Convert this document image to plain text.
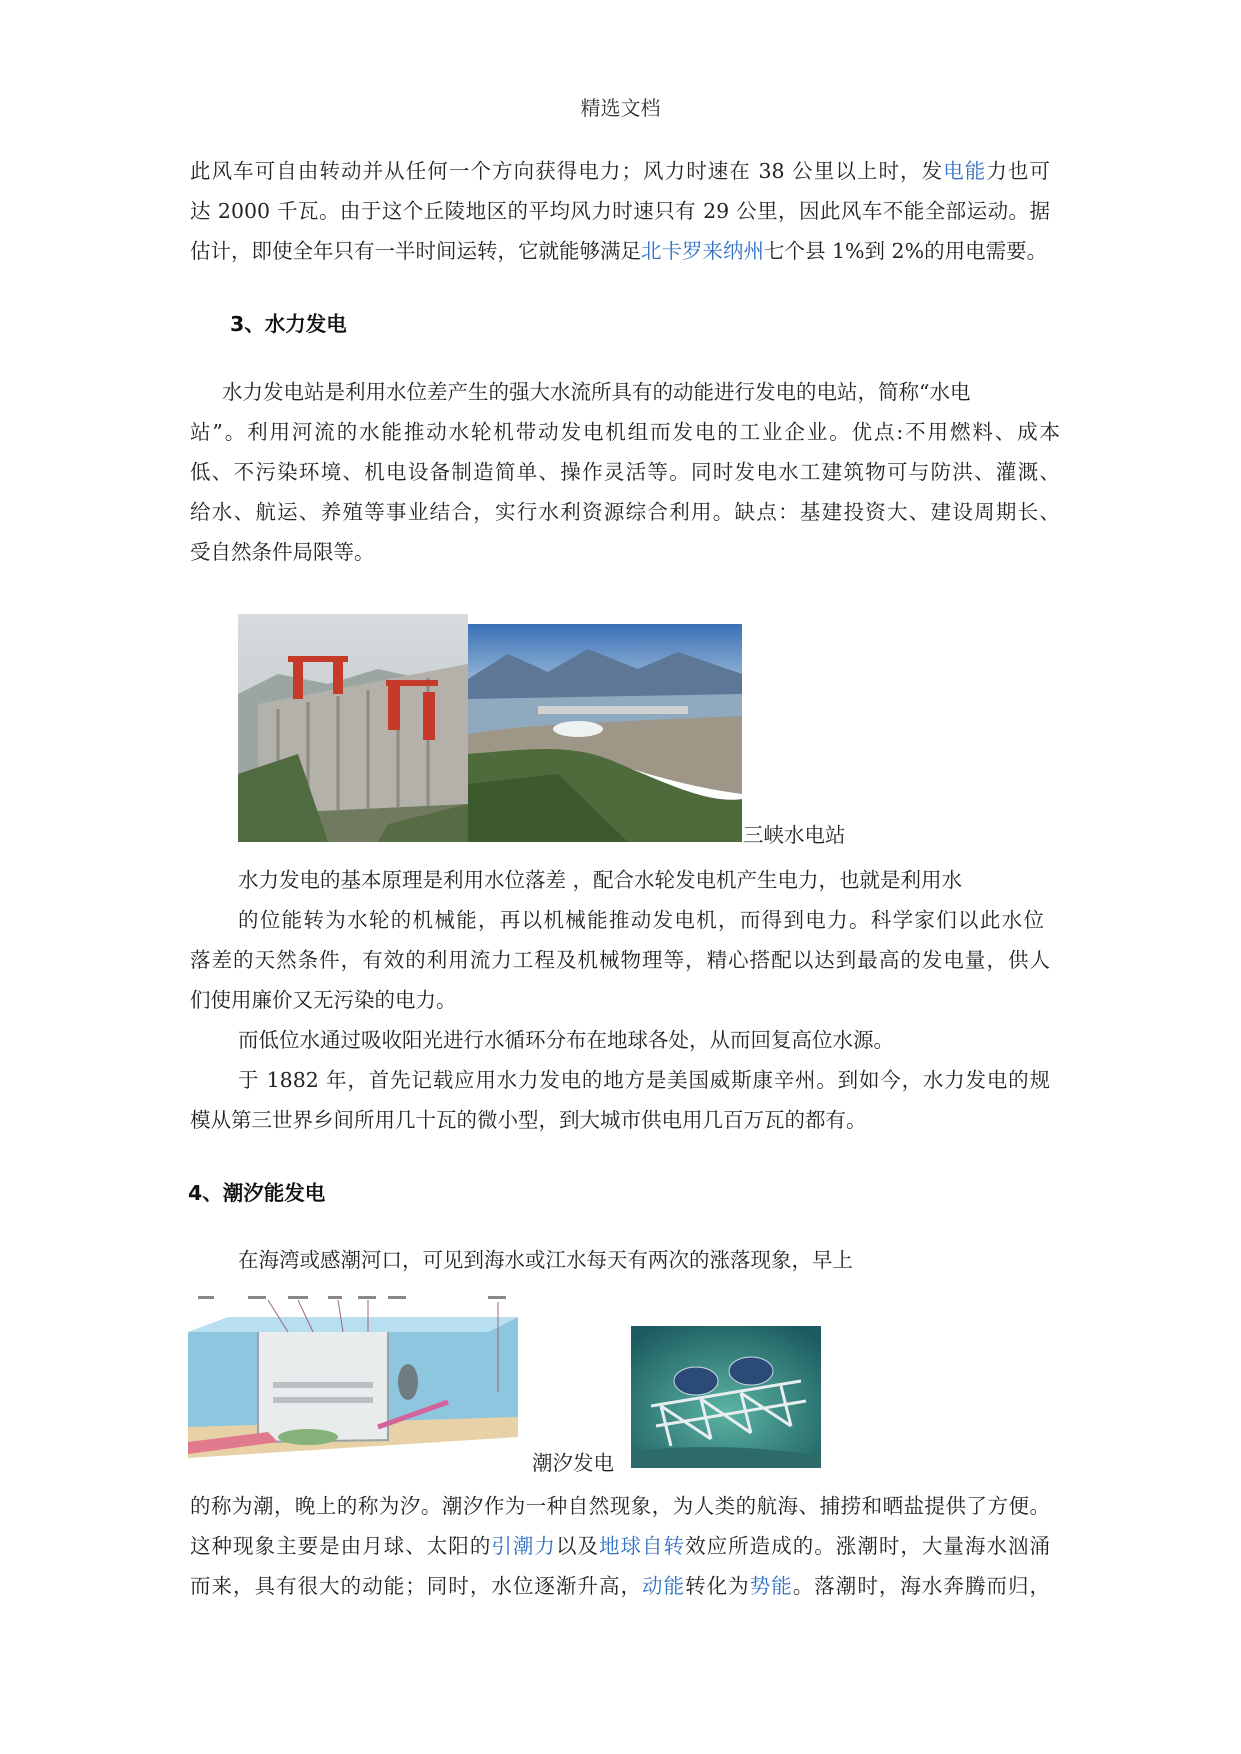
精选文档
此风车可自由转动并从任何一个方向获得电力；风力时速在 38 公里以上时，发电能力也可
达 2000 千瓦。由于这个丘陵地区的平均风力时速只有 29 公里，因此风车不能全部运动。据
估计，即使全年只有一半时间运转，它就能够满足北卡罗来纳州七个县 1%到 2%的用电需要。
3、水力发电
水力发电站是利用水位差产生的强大水流所具有的动能进行发电的电站，简称“水电
站”。利用河流的水能推动水轮机带动发电机组而发电的工业企业。优点:不用燃料、成本
低、不污染环境、机电设备制造简单、操作灵活等。同时发电水工建筑物可与防洪、灌溉、
给水、航运、养殖等事业结合，实行水利资源综合利用。缺点：基建投资大、建设周期长、
受自然条件局限等。
三峡水电站
水力发电的基本原理是利用水位落差 ，配合水轮发电机产生电力，也就是利用水
的位能转为水轮的机械能，再以机械能推动发电机，而得到电力。科学家们以此水位
落差的天然条件，有效的利用流力工程及机械物理等，精心搭配以达到最高的发电量，供人
们使用廉价又无污染的电力。
而低位水通过吸收阳光进行水循环分布在地球各处，从而回复高位水源。
于 1882 年，首先记载应用水力发电的地方是美国威斯康辛州。到如今，水力发电的规
模从第三世界乡间所用几十瓦的微小型，到大城市供电用几百万瓦的都有。
4、潮汐能发电
在海湾或感潮河口，可见到海水或江水每天有两次的涨落现象，早上
潮汐发电
的称为潮，晚上的称为汐。潮汐作为一种自然现象，为人类的航海、捕捞和晒盐提供了方便。
这种现象主要是由月球、太阳的引潮力以及地球自转效应所造成的。涨潮时，大量海水汹涌
而来，具有很大的动能；同时，水位逐渐升高，动能转化为势能。落潮时，海水奔腾而归，
